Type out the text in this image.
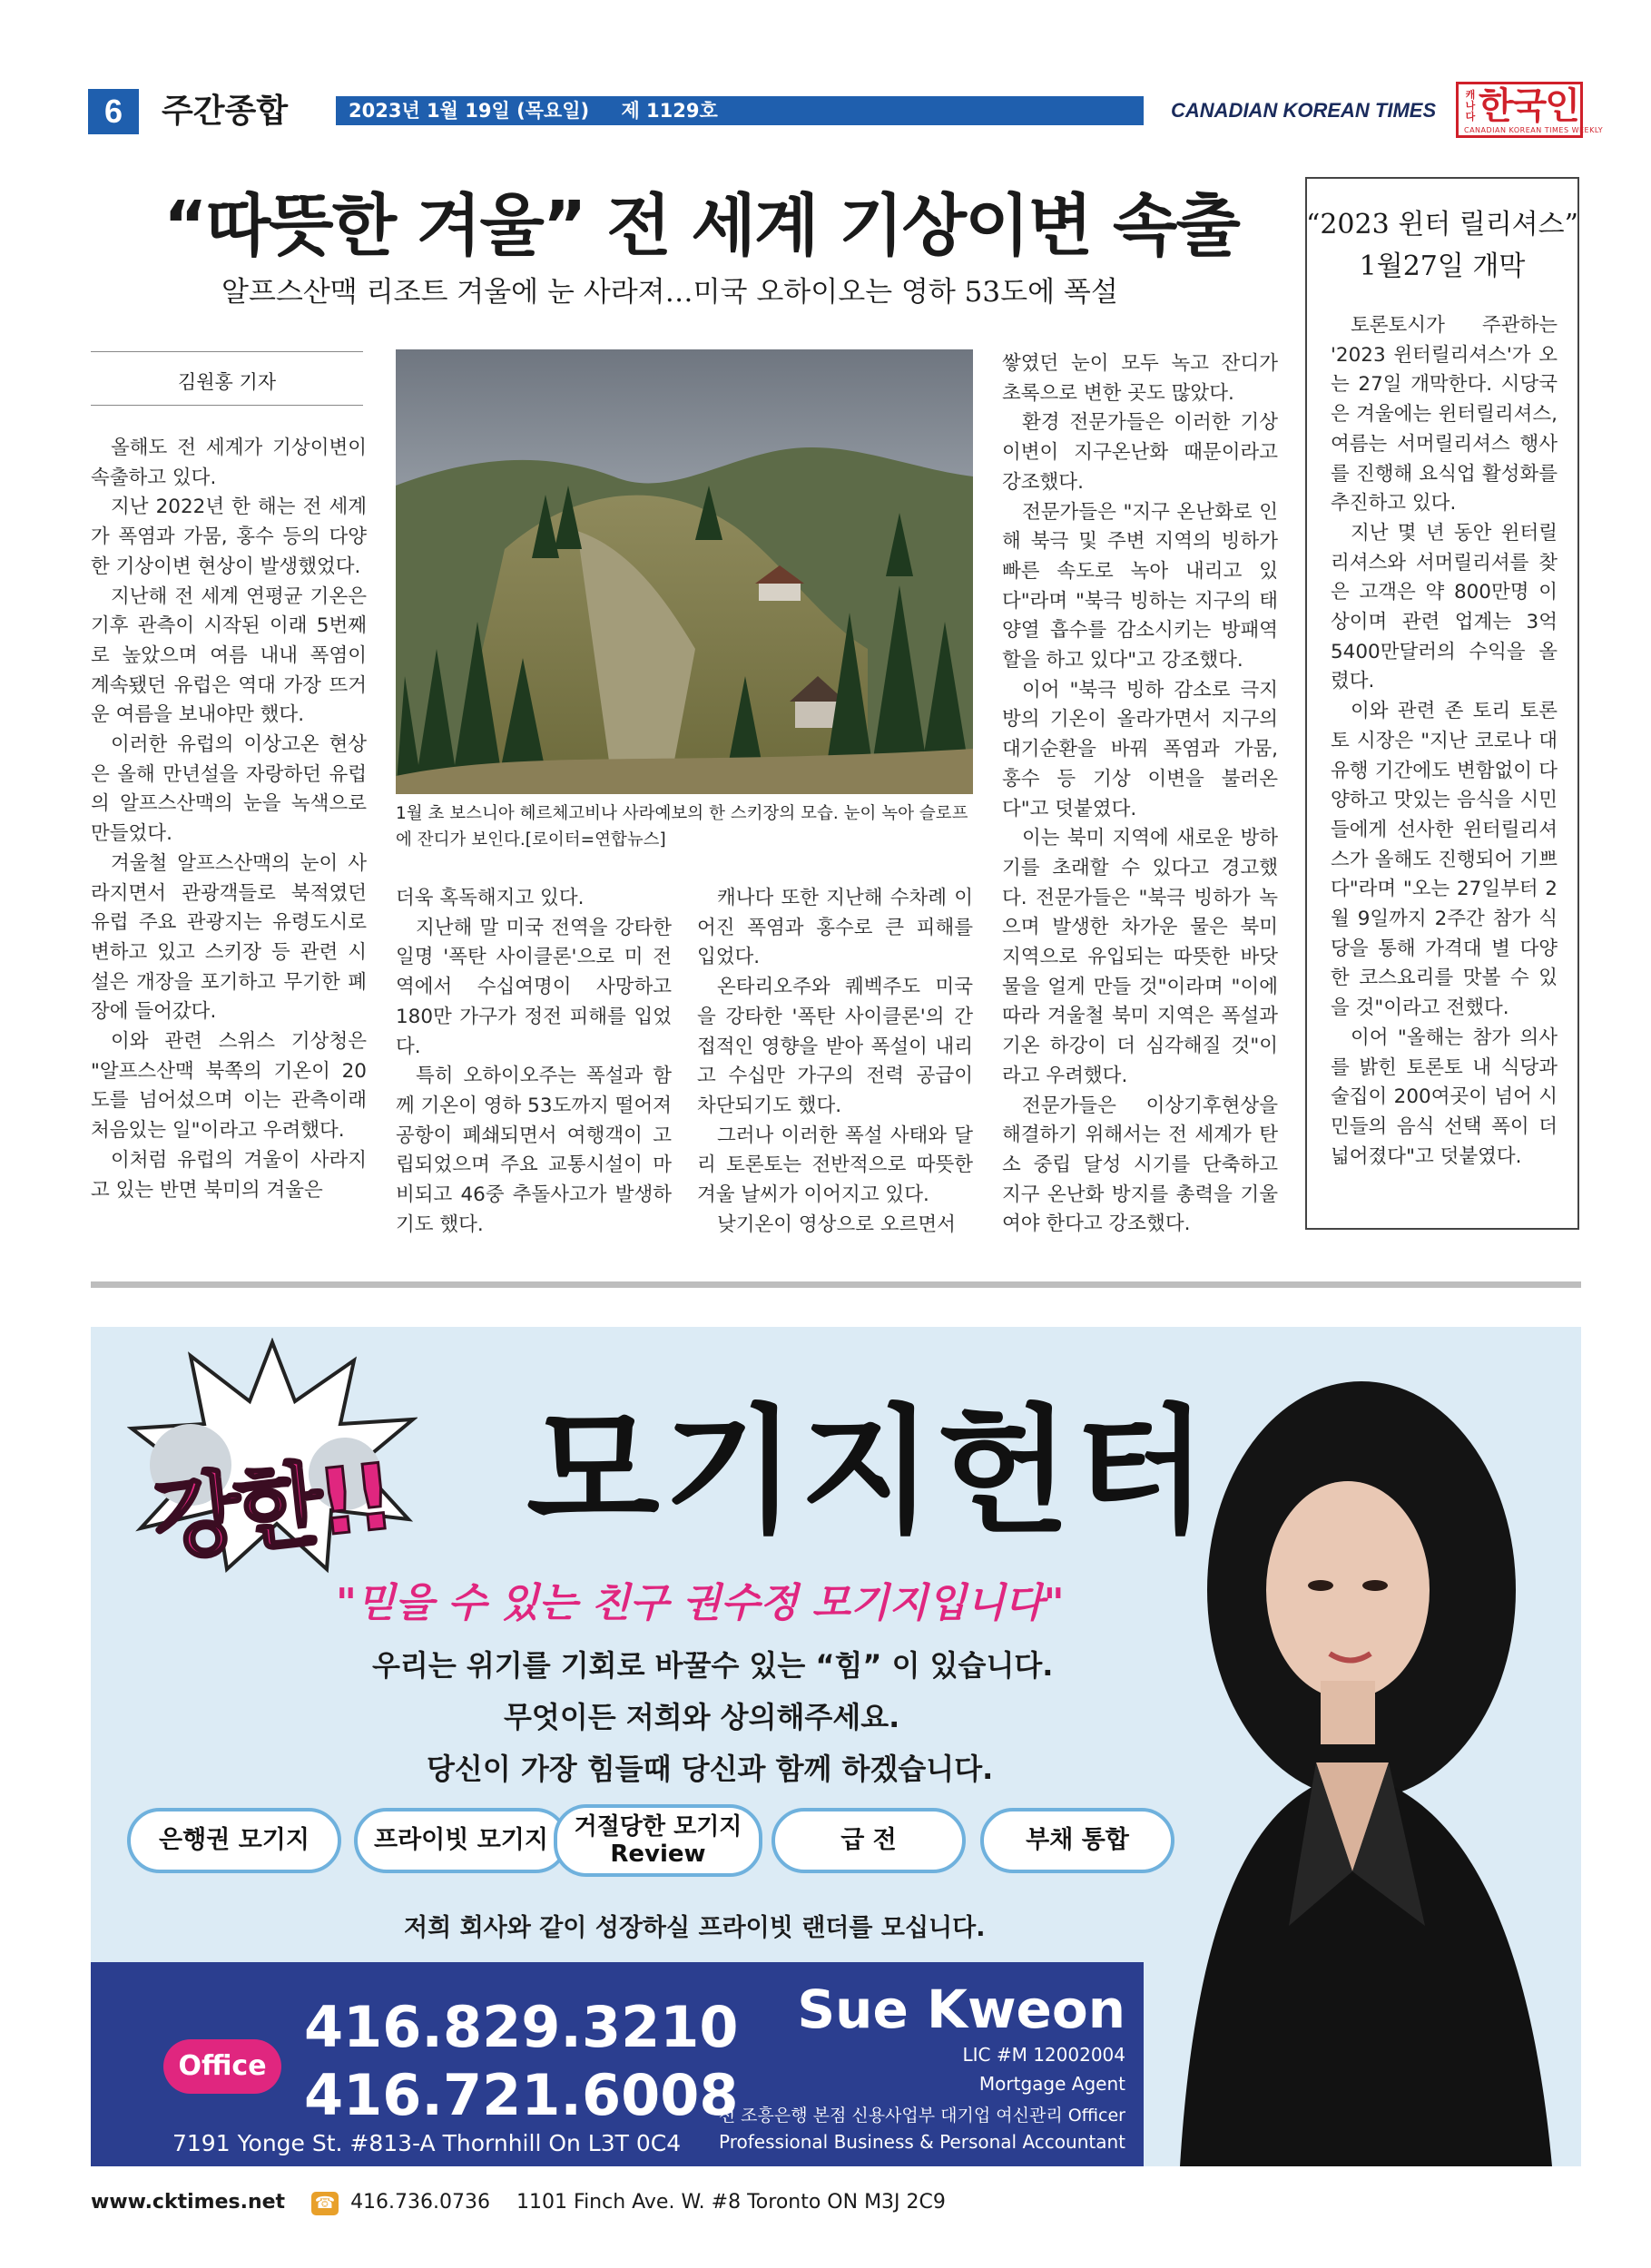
6	주간종합	2023년 1월 19일 (목요일) 제 1129호	CANADIAN KOREAN TIMES
캐나다 한국인
CANADIAN KOREAN TIMES WEEKLY
“따뜻한 겨울” 전 세계 기상이변 속출
알프스산맥 리조트 겨울에 눈 사라져…미국 오하이오는 영하 53도에 폭설
김원홍 기자

올해도 전 세계가 기상이변이 속출하고 있다.

지난 2022년 한 해는 전 세계가 폭염과 가뭄, 홍수 등의 다양한 기상이변 현상이 발생했었다.

지난해 전 세계 연평균 기온은 기후 관측이 시작된 이래 5번째로 높았으며 여름 내내 폭염이 계속됐던 유럽은 역대 가장 뜨거운 여름을 보내야만 했다.

이러한 유럽의 이상고온 현상은 올해 만년설을 자랑하던 유럽의 알프스산맥의 눈을 녹색으로 만들었다.

겨울철 알프스산맥의 눈이 사라지면서 관광객들로 북적였던 유럽 주요 관광지는 유령도시로 변하고 있고 스키장 등 관련 시설은 개장을 포기하고 무기한 폐장에 들어갔다.

이와 관련 스위스 기상청은 "알프스산맥 북쪽의 기온이 20도를 넘어섰으며 이는 관측이래 처음있는 일"이라고 우려했다.

이처럼 유럽의 겨울이 사라지고 있는 반면 북미의 겨울은

1월 초 보스니아 헤르체고비나 사라예보의 한 스키장의 모습. 눈이 녹아 슬로프에 잔디가 보인다.[로이터=연합뉴스]

더욱 혹독해지고 있다.

지난해 말 미국 전역을 강타한 일명 '폭탄 사이클론'으로 미 전역에서 수십여명이 사망하고 180만 가구가 정전 피해를 입었다.

특히 오하이오주는 폭설과 함께 기온이 영하 53도까지 떨어져 공항이 폐쇄되면서 여행객이 고립되었으며 주요 교통시설이 마비되고 46중 추돌사고가 발생하기도 했다.

캐나다 또한 지난해 수차례 이어진 폭염과 홍수로 큰 피해를 입었다.

온타리오주와 퀘벡주도 미국을 강타한 '폭탄 사이클론'의 간접적인 영향을 받아 폭설이 내리고 수십만 가구의 전력 공급이 차단되기도 했다.

그러나 이러한 폭설 사태와 달리 토론토는 전반적으로 따뜻한 겨울 날씨가 이어지고 있다.

낮기온이 영상으로 오르면서

쌓였던 눈이 모두 녹고 잔디가 초록으로 변한 곳도 많았다.

환경 전문가들은 이러한 기상이변이 지구온난화 때문이라고 강조했다.

전문가들은 "지구 온난화로 인해 북극 및 주변 지역의 빙하가 빠른 속도로 녹아 내리고 있다"라며 "북극 빙하는 지구의 태양열 흡수를 감소시키는 방패역할을 하고 있다"고 강조했다.

이어 "북극 빙하 감소로 극지방의 기온이 올라가면서 지구의 대기순환을 바꿔 폭염과 가뭄, 홍수 등 기상 이변을 불러온다"고 덧붙였다.

이는 북미 지역에 새로운 방하기를 초래할 수 있다고 경고했다. 전문가들은 "북극 빙하가 녹으며 발생한 차가운 물은 북미 지역으로 유입되는 따뜻한 바닷물을 얼게 만들 것"이라며 "이에 따라 겨울철 북미 지역은 폭설과 기온 하강이 더 심각해질 것"이라고 우려했다.

전문가들은 이상기후현상을 해결하기 위해서는 전 세계가 탄소 중립 달성 시기를 단축하고 지구 온난화 방지를 총력을 기울여야 한다고 강조했다.

“2023 윈터 릴리셔스”
1월27일 개막

토론토시가 주관하는 '2023 윈터릴리셔스'가 오는 27일 개막한다. 시당국은 겨울에는 윈터릴리셔스, 여름는 서머릴리셔스 행사를 진행해 요식업 활성화를 추진하고 있다.

지난 몇 년 동안 윈터릴리셔스와 서머릴리셔를 찾은 고객은 약 800만명 이상이며 관련 업계는 3억 5400만달러의 수익을 올렸다.

이와 관련 존 토리 토론토 시장은 "지난 코로나 대유행 기간에도 변함없이 다양하고 맛있는 음식을 시민들에게 선사한 윈터릴리셔스가 올해도 진행되어 기쁘다"라며 "오는 27일부터 2월 9일까지 2주간 참가 식당을 통해 가격대 별 다양한 코스요리를 맛볼 수 있을 것"이라고 전했다.

이어 "올해는 참가 의사를 밝힌 토론토 내 식당과 술집이 200여곳이 넘어 시민들의 음식 선택 폭이 더 넓어졌다"고 덧붙였다.

강한!! 모기지헌터
"믿을 수 있는 친구 권수정 모기지입니다"
우리는 위기를 기회로 바꿀수 있는 “힘” 이 있습니다.
무엇이든 저희와 상의해주세요.
당신이 가장 힘들때 당신과 함께 하겠습니다.
은행권 모기지	프라이빗 모기지	거절당한 모기지
Review	급 전	부채 통합
저희 회사와 같이 성장하실 프라이빗 랜더를 모십니다.
Office
416.829.3210
416.721.6008
7191 Yonge St. #813-A Thornhill On L3T 0C4
Sue Kweon
LIC #M 12002004
Mortgage Agent
전 조흥은행 본점 신용사업부 대기업 여신관리 Officer
Professional Business & Personal Accountant
www.cktimes.net ☎ 416.736.0736 1101 Finch Ave. W. #8 Toronto ON M3J 2C9
